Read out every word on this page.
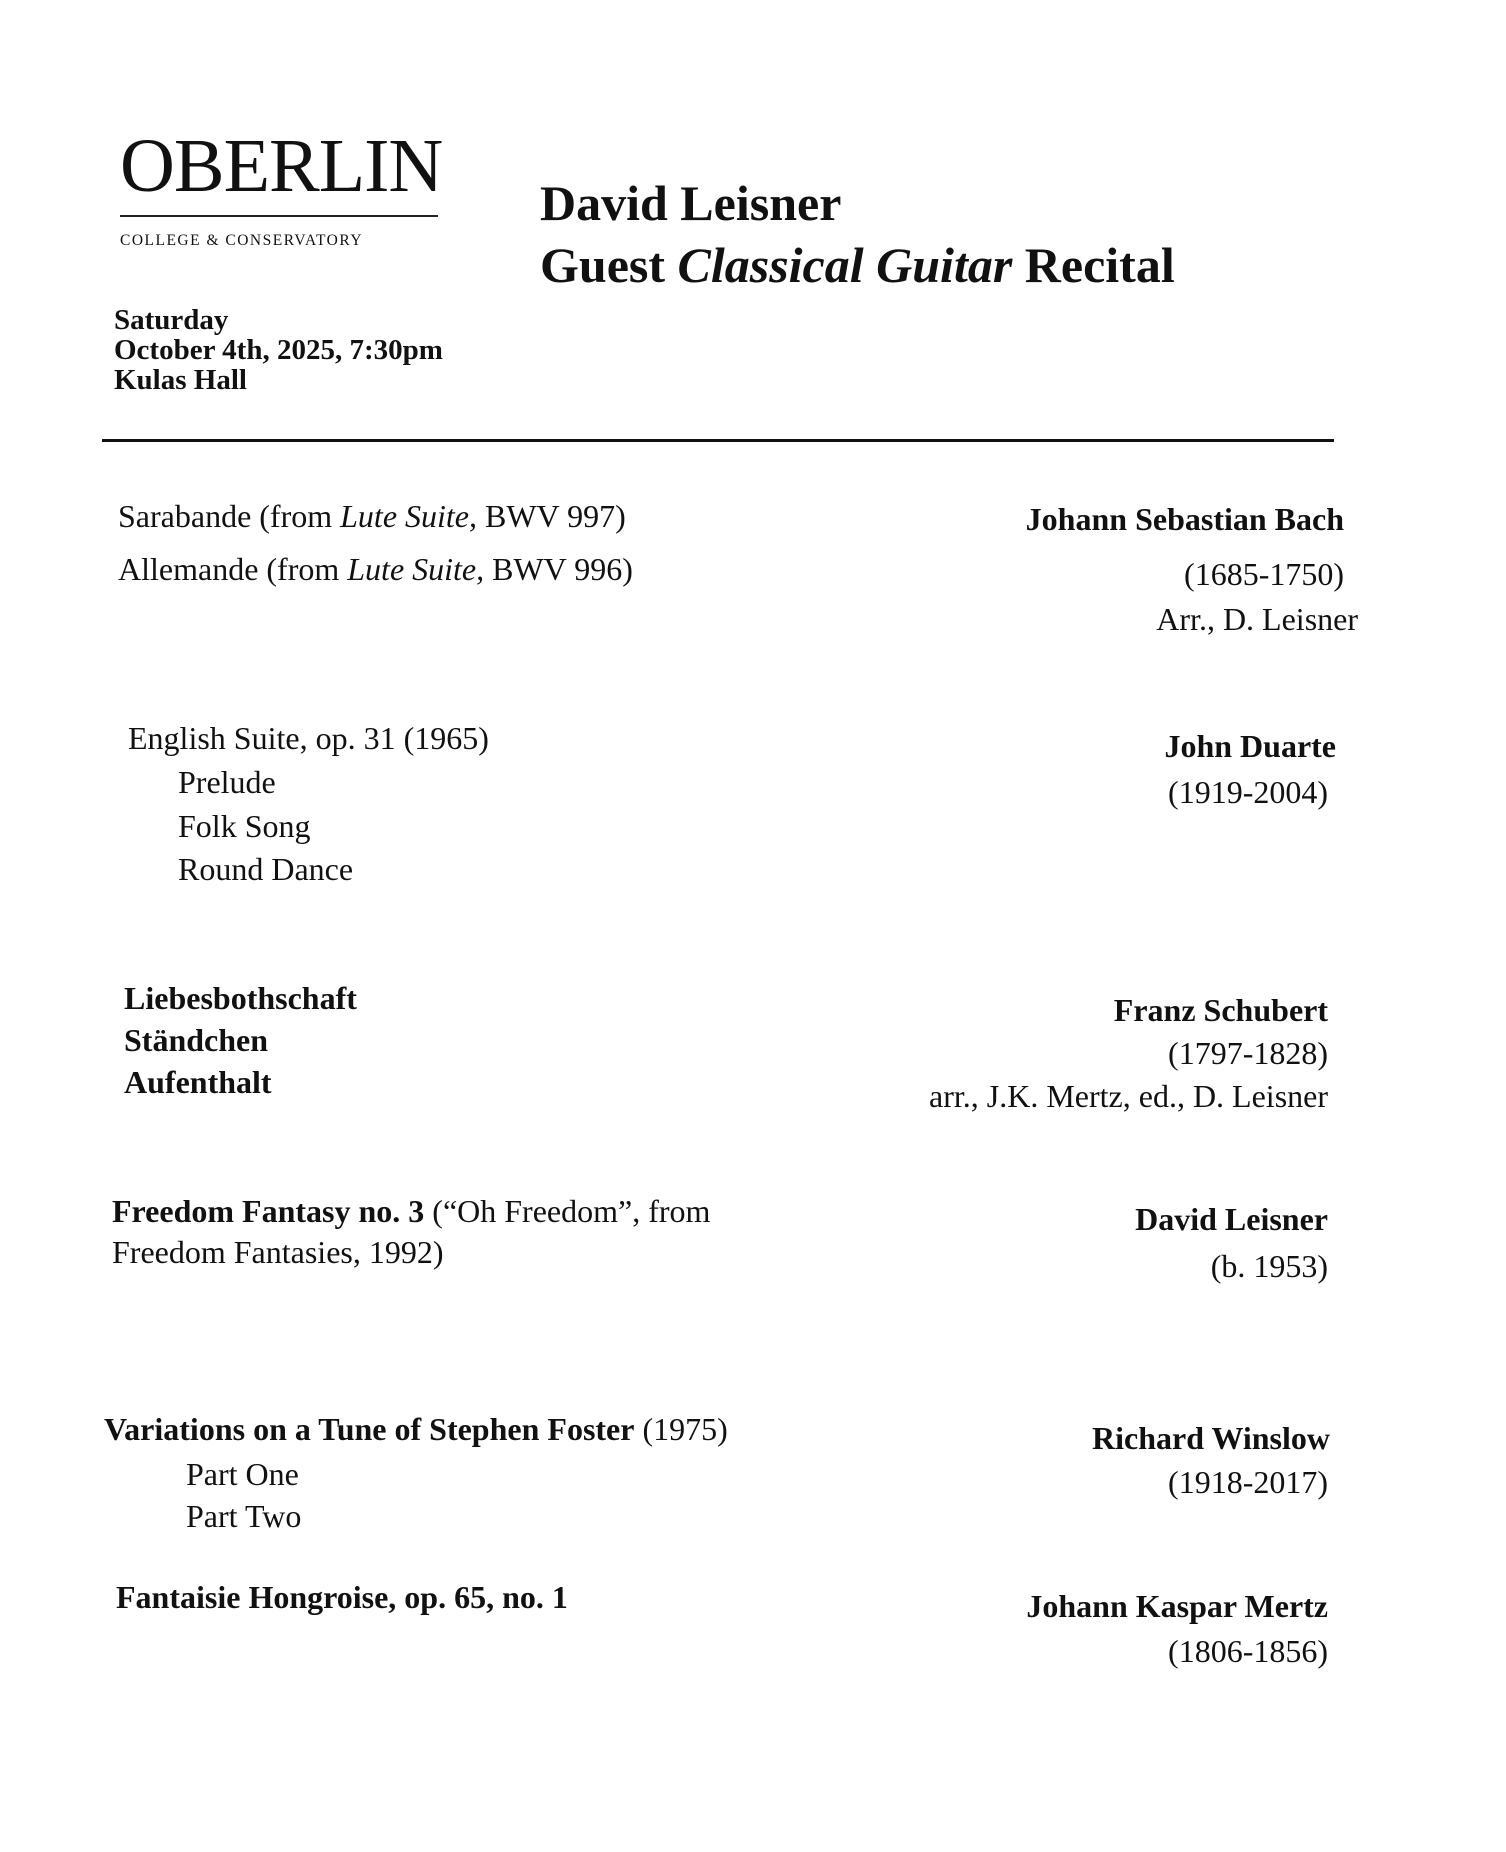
OBERLIN
COLLEGE & CONSERVATORY
David Leisner
Guest Classical Guitar Recital
Saturday
October 4th, 2025, 7:30pm
Kulas Hall
Sarabande (from Lute Suite, BWV 997)
Allemande (from Lute Suite, BWV 996)
Johann Sebastian Bach
(1685-1750)
Arr., D. Leisner
English Suite, op. 31 (1965)
Prelude
Folk Song
Round Dance
John Duarte
(1919-2004)
Liebesbothschaft
Ständchen
Aufenthalt
Franz Schubert
(1797-1828)
arr., J.K. Mertz, ed., D. Leisner
Freedom Fantasy no. 3 (“Oh Freedom”, from
Freedom Fantasies, 1992)
David Leisner
(b. 1953)
Variations on a Tune of Stephen Foster (1975)
Part One
Part Two
Richard Winslow
(1918-2017)
Fantaisie Hongroise, op. 65, no. 1	Johann Kaspar Mertz
(1806-1856)
